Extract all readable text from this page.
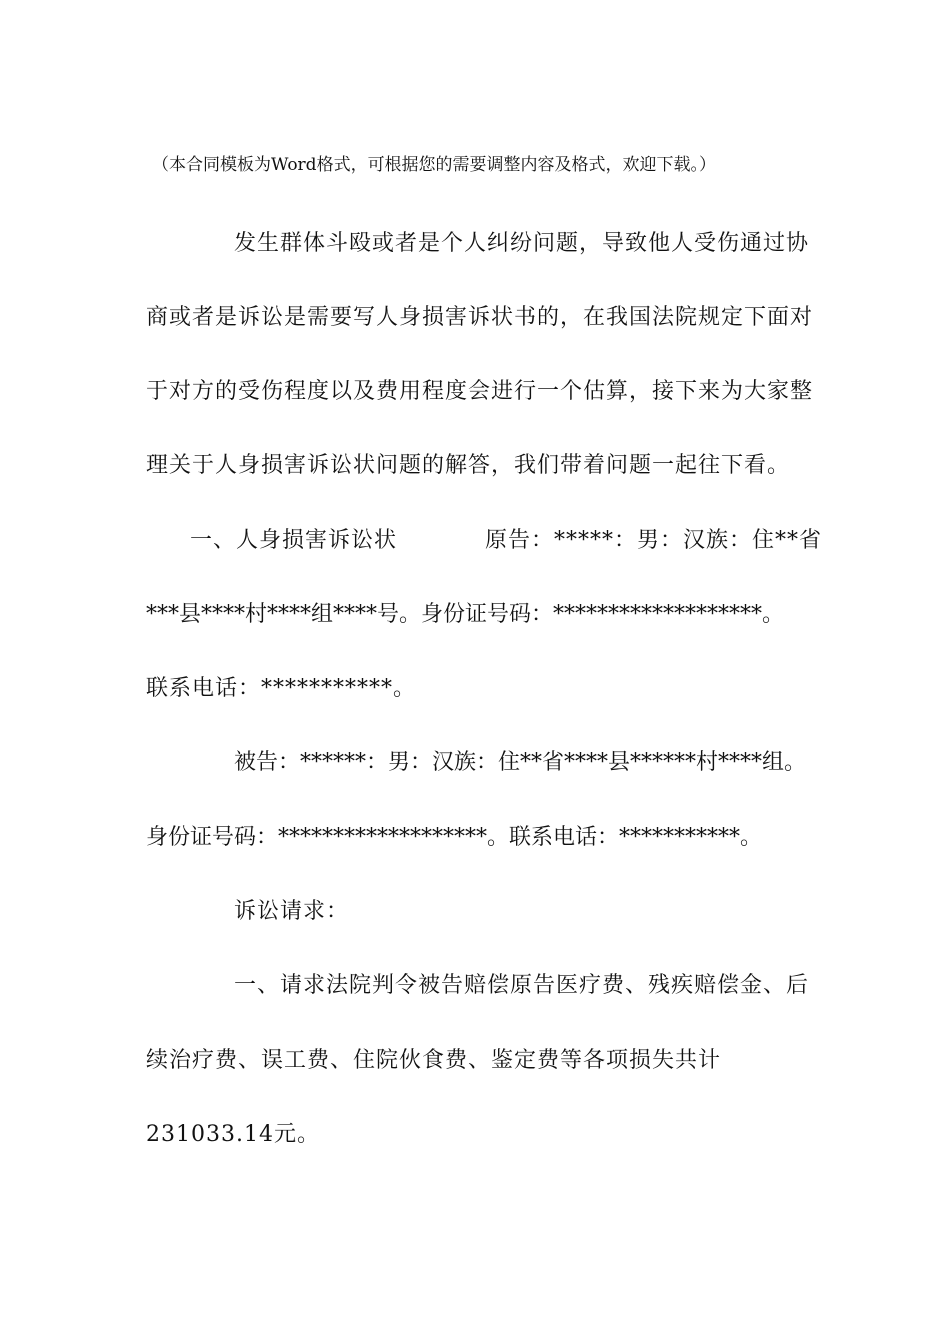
（本合同模板为Word格式，可根据您的需要调整内容及格式，欢迎下载。）

发生群体斗殴或者是个人纠纷问题，导致他人受伤通过协

商或者是诉讼是需要写人身损害诉状书的，在我国法院规定下面对

于对方的受伤程度以及费用程度会进行一个估算，接下来为大家整

理关于人身损害诉讼状问题的解答，我们带着问题一起往下看。

一、人身损害诉讼状	原告：*****：男：汉族：住**省

***县****村****组****号。身份证号码：*******************。

联系电话：***********。

被告：******：男：汉族：住**省****县******村****组。

身份证号码：*******************。联系电话：***********。

诉讼请求：

一、请求法院判令被告赔偿原告医疗费、残疾赔偿金、后

续治疗费、误工费、住院伙食费、鉴定费等各项损失共计

231033.14元。
